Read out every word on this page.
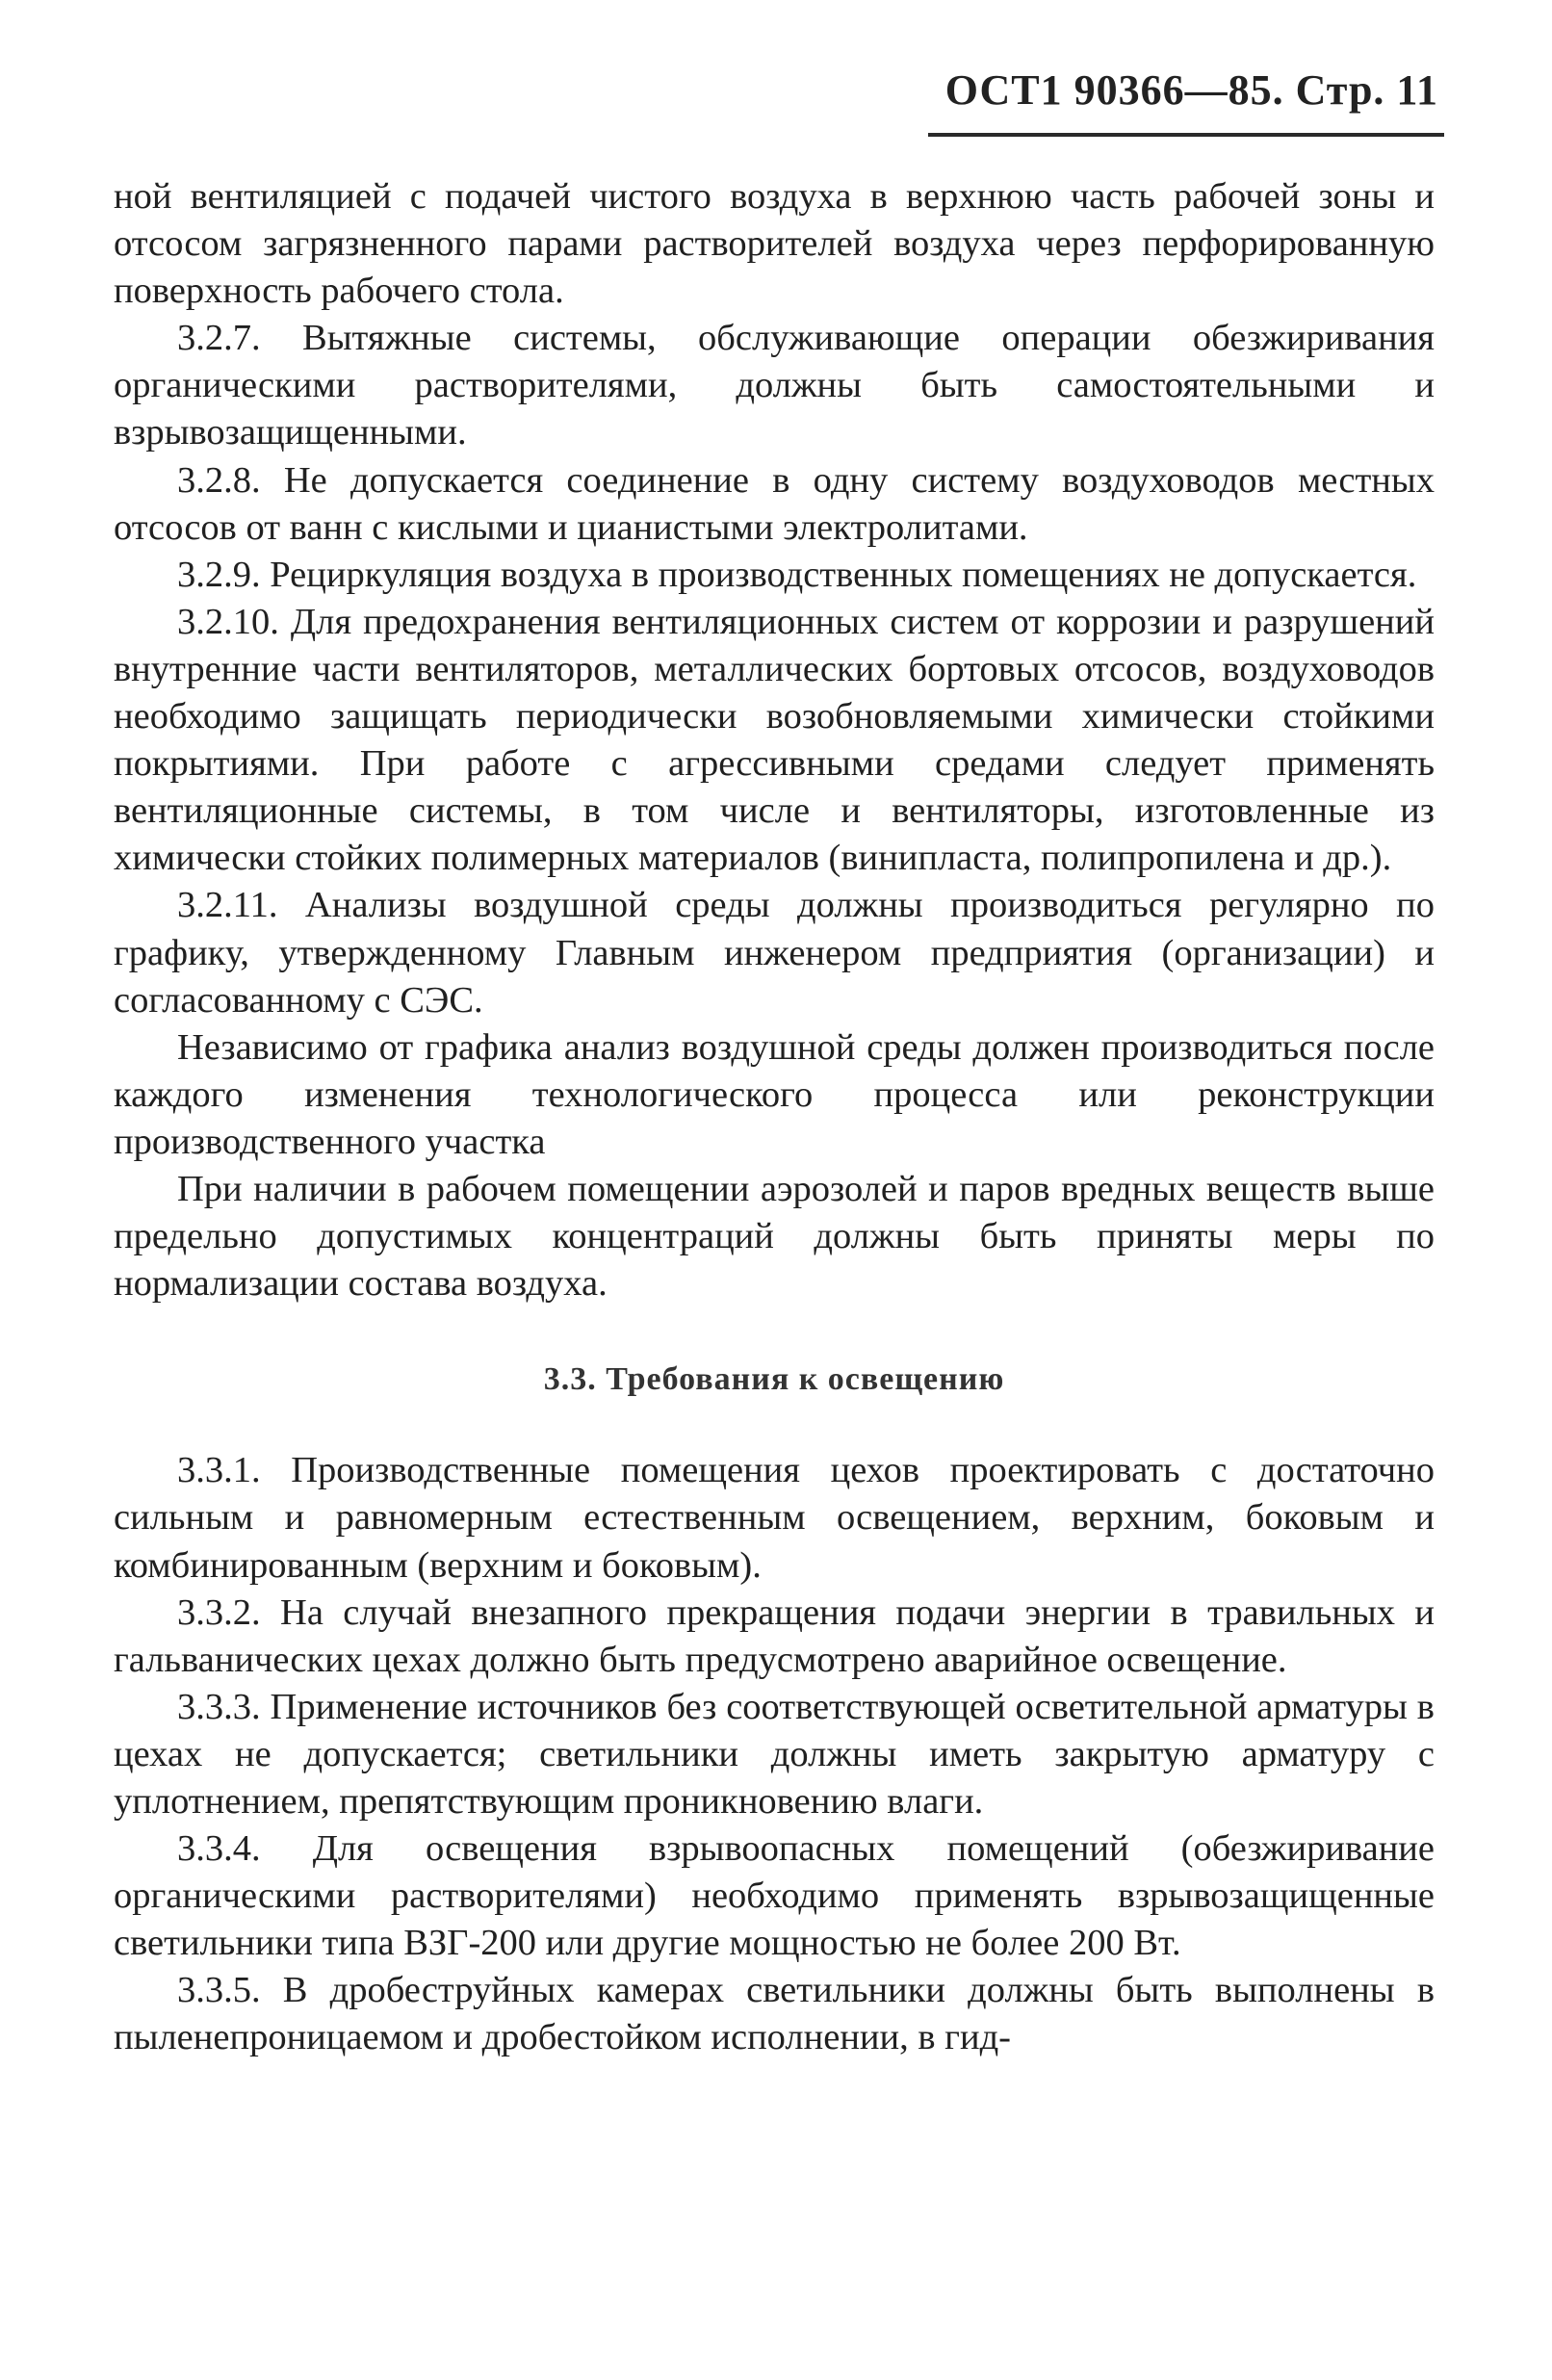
ОСТ1 90366—85. Стр. 11

ной вентиляцией с подачей чистого воздуха в верхнюю часть рабочей зоны и отсосом загрязненного парами растворителей воздуха через перфорированную поверхность рабочего стола.

3.2.7. Вытяжные системы, обслуживающие операции обезжиривания органическими растворителями, должны быть самостоятельными и взрывозащищенными.

3.2.8. Не допускается соединение в одну систему воздуховодов местных отсосов от ванн с кислыми и цианистыми электролитами.

3.2.9. Рециркуляция воздуха в производственных помещениях не допускается.

3.2.10. Для предохранения вентиляционных систем от коррозии и разрушений внутренние части вентиляторов, металлических бортовых отсосов, воздуховодов необходимо защищать периодически возобновляемыми химически стойкими покрытиями. При работе с агрессивными средами следует применять вентиляционные системы, в том числе и вентиляторы, изготовленные из химически стойких полимерных материалов (винипласта, полипропилена и др.).

3.2.11. Анализы воздушной среды должны производиться регулярно по графику, утвержденному Главным инженером предприятия (организации) и согласованному с СЭС.

Независимо от графика анализ воздушной среды должен производиться после каждого изменения технологического процесса или реконструкции производственного участка

При наличии в рабочем помещении аэрозолей и паров вредных веществ выше предельно допустимых концентраций должны быть приняты меры по нормализации состава воздуха.

3.3. Требования к освещению

3.3.1. Производственные помещения цехов проектировать с достаточно сильным и равномерным естественным освещением, верхним, боковым и комбинированным (верхним и боковым).

3.3.2. На случай внезапного прекращения подачи энергии в травильных и гальванических цехах должно быть предусмотрено аварийное освещение.

3.3.3. Применение источников без соответствующей осветительной арматуры в цехах не допускается; светильники должны иметь закрытую арматуру с уплотнением, препятствующим проникновению влаги.

3.3.4. Для освещения взрывоопасных помещений (обезжиривание органическими растворителями) необходимо применять взрывозащищенные светильники типа ВЗГ-200 или другие мощностью не более 200 Вт.

3.3.5. В дробеструйных камерах светильники должны быть выполнены в пыленепроницаемом и дробестойком исполнении, в гид-
